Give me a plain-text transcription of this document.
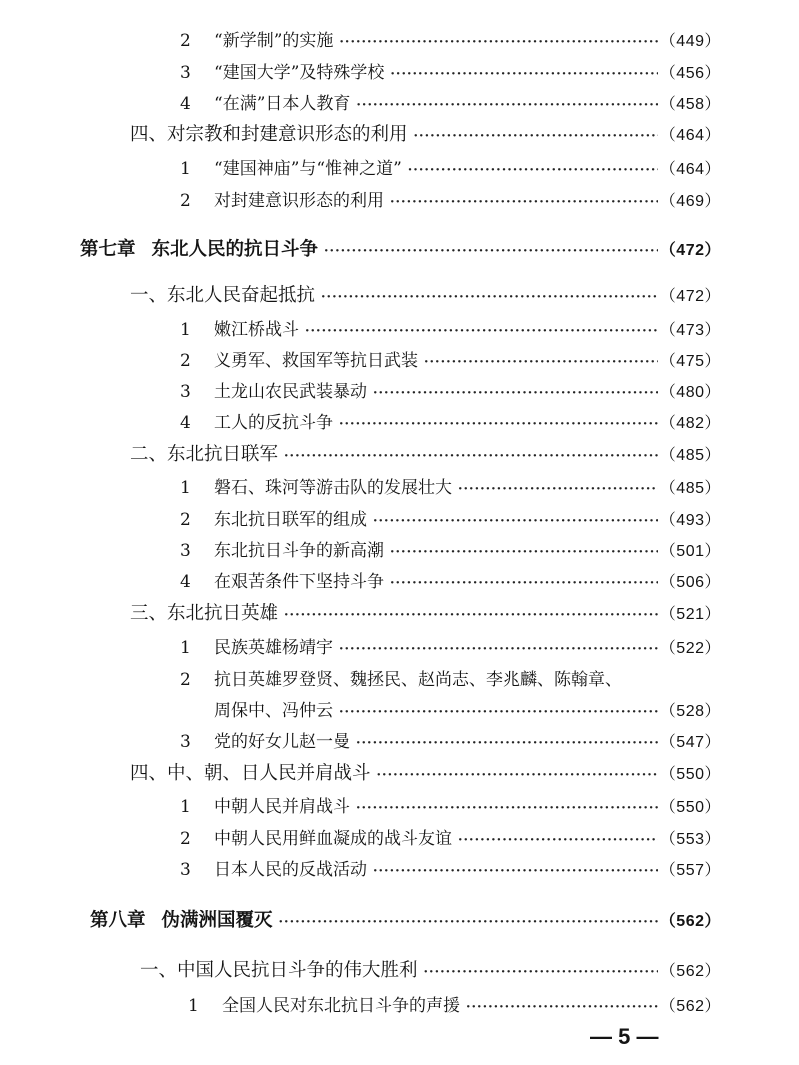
2	“新学制”的实施 ·····	（449）
3	“建国大学”及特殊学校 ·····	（456）
4	“在满”日本人教育 ·····	（458）
四、对宗教和封建意识形态的利用 ·····	（464）
1	“建国神庙”与“惟神之道” ·····	（464）
2	对封建意识形态的利用 ·····	（469）
第七章 东北人民的抗日斗争 ·····	（472）
一、东北人民奋起抵抗 ·····	（472）
1	嫩江桥战斗 ·····	（473）
2	义勇军、救国军等抗日武装 ·····	（475）
3	土龙山农民武装暴动 ·····	（480）
4	工人的反抗斗争 ·····	（482）
二、东北抗日联军 ·····	（485）
1	磐石、珠河等游击队的发展壮大 ·····	（485）
2	东北抗日联军的组成 ·····	（493）
3	东北抗日斗争的新高潮 ·····	（501）
4	在艰苦条件下坚持斗争 ·····	（506）
三、东北抗日英雄 ·····	（521）
1	民族英雄杨靖宇 ·····	（522）
2	抗日英雄罗登贤、魏拯民、赵尚志、李兆麟、陈翰章、
周保中、冯仲云 ·····	（528）
3	党的好女儿赵一曼 ·····	（547）
四、中、朝、日人民并肩战斗 ·····	（550）
1	中朝人民并肩战斗 ·····	（550）
2	中朝人民用鲜血凝成的战斗友谊 ·····	（553）
3	日本人民的反战活动 ·····	（557）
第八章 伪满洲国覆灭 ·····	（562）
一、中国人民抗日斗争的伟大胜利 ·····	（562）
1	全国人民对东北抗日斗争的声援 ·····	（562）
— 5 —
